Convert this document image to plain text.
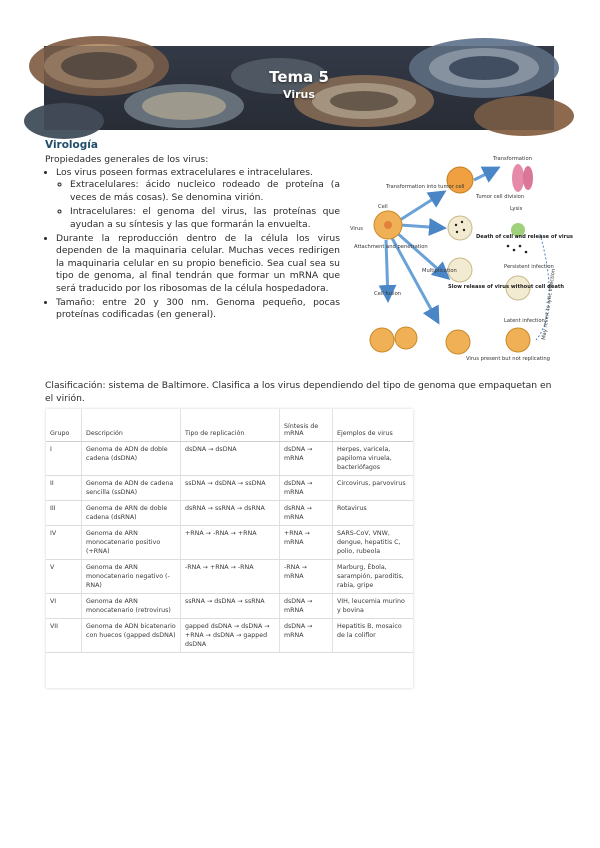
Tema 5
Virus
Virología
Propiedades generales de los virus:
• Los virus poseen formas extracelulares e intracelulares.
◦ Extracelulares: ácido nucleico rodeado de proteína (a veces de más cosas). Se denomina virión.
◦ Intracelulares: el genoma del virus, las proteínas que ayudan a su síntesis y las que formarán la envuelta.
• Durante la reproducción dentro de la célula los virus dependen de la maquinaria celular. Muchas veces redirigen la maquinaria celular en su propio beneficio. Sea cual sea su tipo de genoma, al final tendrán que formar un mRNA que será traducido por los ribosomas de la célula hospedadora.
• Tamaño: entre 20 y 300 nm. Genoma pequeño, pocas proteínas codificadas (en general).
Transformation
Transformation into tumor cell
Tumor cell division
Lysis
Cell
Virus
Attachment and penetration
Death of cell and release of virus
Persistent infection
Multiplication
Slow release of virus without cell death
Cell fusion
Latent infection
Virus present but not replicating
May revert to lytic infection
Clasificación: sistema de Baltimore. Clasifica a los virus dependiendo del tipo de genoma que empaquetan en el virión.
Grupo	Descripción	Tipo de replicación	Síntesis de mRNA	Ejemplos de virus
I	Genoma de ADN de doble cadena (dsDNA)	dsDNA → dsDNA	dsDNA → mRNA	Herpes, varicela, papiloma viruela, bacteriófagos
II	Genoma de ADN de cadena sencilla (ssDNA)	ssDNA → dsDNA → ssDNA	dsDNA → mRNA	Circovirus, parvovirus
III	Genoma de ARN de doble cadena (dsRNA)	dsRNA → ssRNA → dsRNA	dsRNA → mRNA	Rotavirus
IV	Genoma de ARN monocatenario positivo (+RNA)	+RNA → -RNA → +RNA	+RNA → mRNA	SARS-CoV, VNW, dengue, hepatitis C, polio, rubeola
V	Genoma de ARN monocatenario negativo (-RNA)	-RNA → +RNA → -RNA	-RNA → mRNA	Marburg, Ébola, sarampión, paroditis, rabia, gripe
VI	Genoma de ARN monocatenario (retrovirus)	ssRNA → dsDNA → ssRNA	dsDNA → mRNA	VIH, leucemia murino y bovina
VII	Genoma de ADN bicatenario con huecos (gapped dsDNA)	gapped dsDNA → dsDNA → +RNA → dsDNA → gapped dsDNA	dsDNA → mRNA	Hepatitis B, mosaico de la coliflor
